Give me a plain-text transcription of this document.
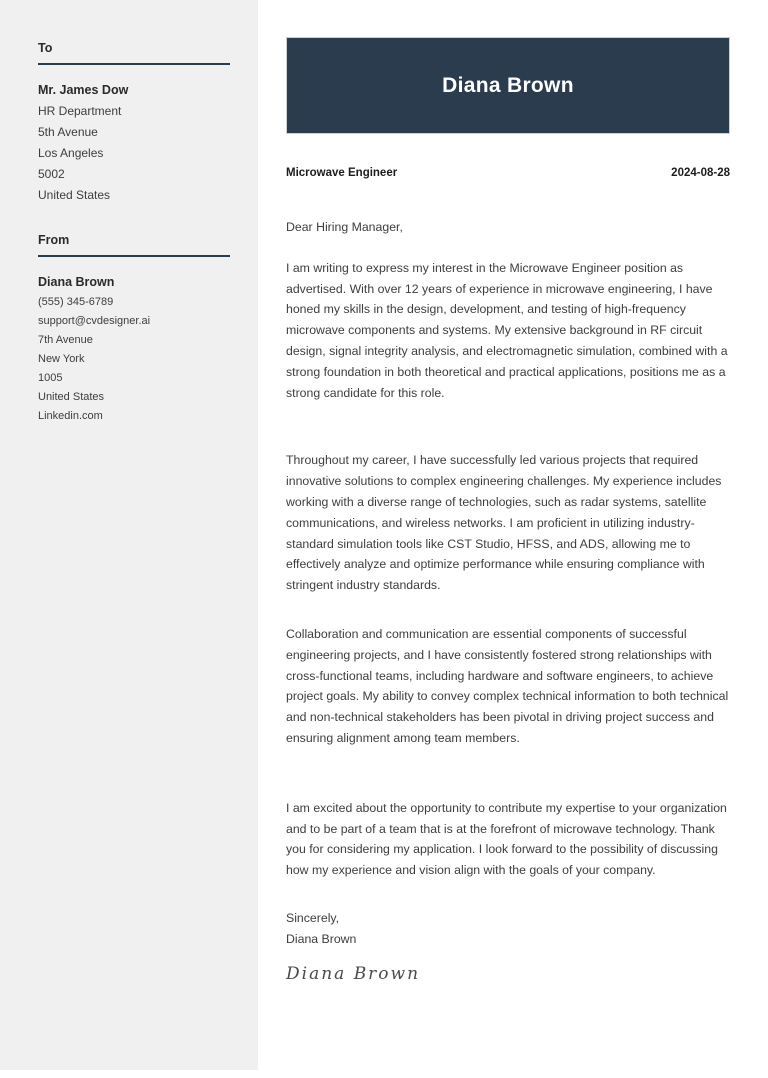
To
Mr. James Dow
HR Department
5th Avenue
Los Angeles
5002
United States
From
Diana Brown
(555) 345-6789
support@cvdesigner.ai
7th Avenue
New York
1005
United States
Linkedin.com
Diana Brown
Microwave Engineer	2024-08-28

Dear Hiring Manager,

I am writing to express my interest in the Microwave Engineer position as advertised. With over 12 years of experience in microwave engineering, I have honed my skills in the design, development, and testing of high-frequency microwave components and systems. My extensive background in RF circuit design, signal integrity analysis, and electromagnetic simulation, combined with a strong foundation in both theoretical and practical applications, positions me as a strong candidate for this role.

Throughout my career, I have successfully led various projects that required innovative solutions to complex engineering challenges. My experience includes working with a diverse range of technologies, such as radar systems, satellite communications, and wireless networks. I am proficient in utilizing industry-standard simulation tools like CST Studio, HFSS, and ADS, allowing me to effectively analyze and optimize performance while ensuring compliance with stringent industry standards.

Collaboration and communication are essential components of successful engineering projects, and I have consistently fostered strong relationships with cross-functional teams, including hardware and software engineers, to achieve project goals. My ability to convey complex technical information to both technical and non-technical stakeholders has been pivotal in driving project success and ensuring alignment among team members.

I am excited about the opportunity to contribute my expertise to your organization and to be part of a team that is at the forefront of microwave technology. Thank you for considering my application. I look forward to the possibility of discussing how my experience and vision align with the goals of your company.

Sincerely,
Diana Brown
Diana Brown
